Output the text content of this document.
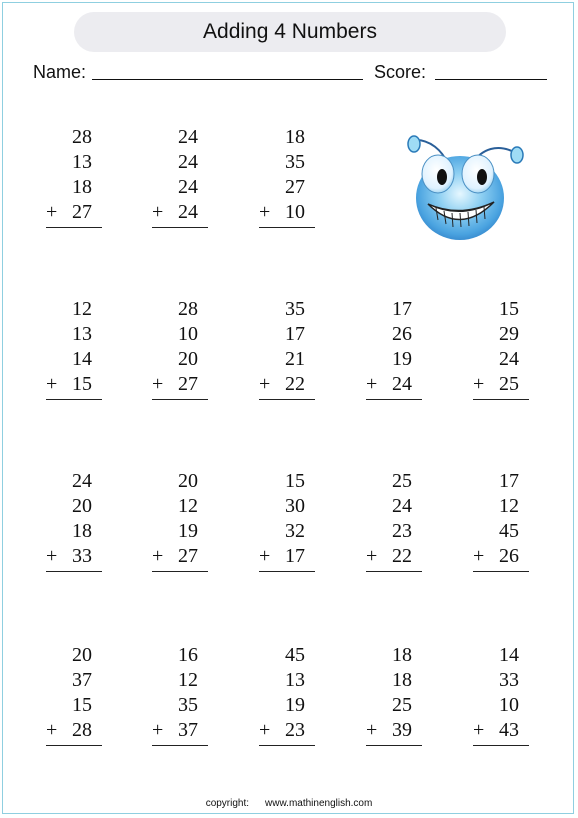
Adding 4 Numbers
Name:	Score:
28
13
18
27
+
24
24
24
24
+
18
35
27
10
+
12
13
14
15
+
28
10
20
27
+
35
17
21
22
+
17
26
19
24
+
15
29
24
25
+
24
20
18
33
+
20
12
19
27
+
15
30
32
17
+
25
24
23
22
+
17
12
45
26
+
20
37
15
28
+
16
12
35
37
+
45
13
19
23
+
18
18
25
39
+
14
33
10
43
+
copyright: www.mathinenglish.com
